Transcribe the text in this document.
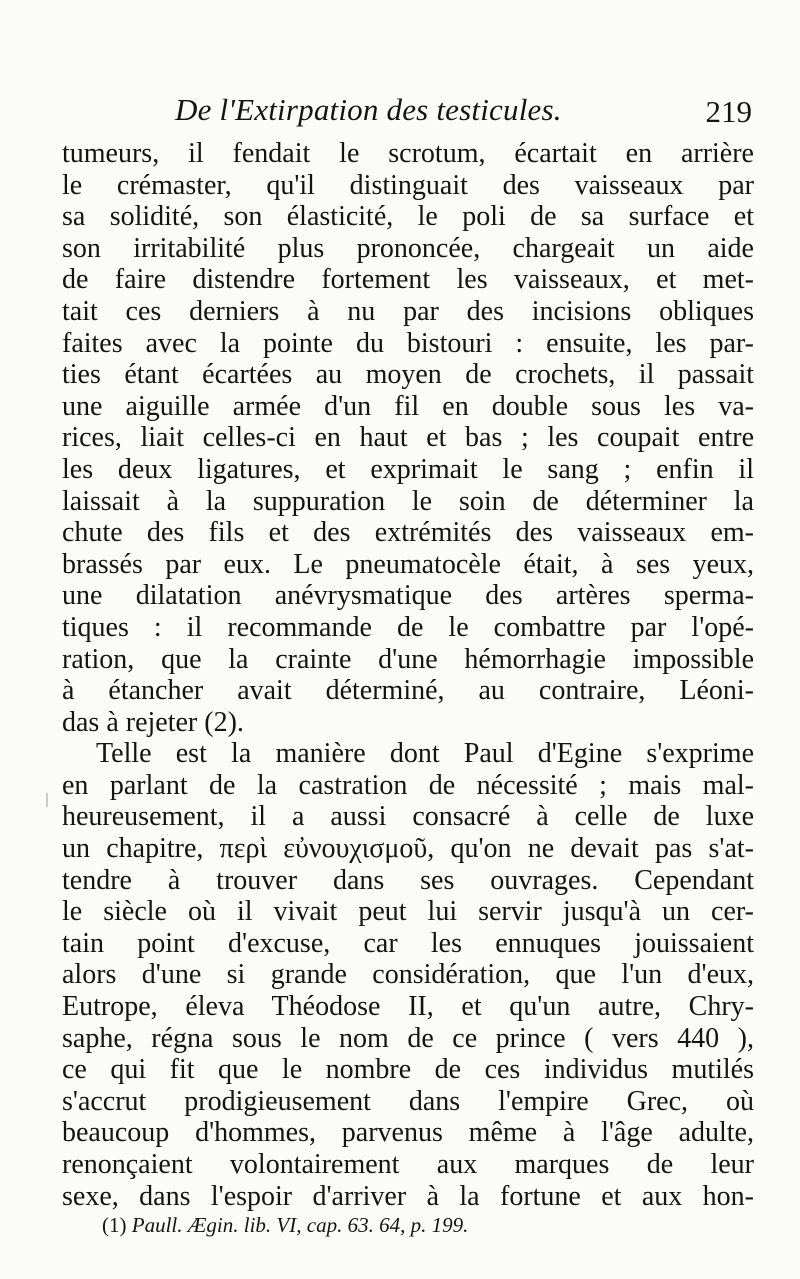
De l'Extirpation des testicules.	219
tumeurs, il fendait le scrotum, écartait en arrière
le crémaster, qu'il distinguait des vaisseaux par
sa solidité, son élasticité, le poli de sa surface et
son irritabilité plus prononcée, chargeait un aide
de faire distendre fortement les vaisseaux, et met-
tait ces derniers à nu par des incisions obliques
faites avec la pointe du bistouri : ensuite, les par-
ties étant écartées au moyen de crochets, il passait
une aiguille armée d'un fil en double sous les va-
rices, liait celles-ci en haut et bas ; les coupait entre
les deux ligatures, et exprimait le sang ; enfin il
laissait à la suppuration le soin de déterminer la
chute des fils et des extrémités des vaisseaux em-
brassés par eux. Le pneumatocèle était, à ses yeux,
une dilatation anévrysmatique des artères sperma-
tiques : il recommande de le combattre par l'opé-
ration, que la crainte d'une hémorrhagie impossible
à étancher avait déterminé, au contraire, Léoni-
das à rejeter (2).
Telle est la manière dont Paul d'Egine s'exprime
en parlant de la castration de nécessité ; mais mal-
heureusement, il a aussi consacré à celle de luxe
un chapitre, περὶ εὐνουχισμοῦ, qu'on ne devait pas s'at-
tendre à trouver dans ses ouvrages. Cependant
le siècle où il vivait peut lui servir jusqu'à un cer-
tain point d'excuse, car les ennuques jouissaient
alors d'une si grande considération, que l'un d'eux,
Eutrope, éleva Théodose II, et qu'un autre, Chry-
saphe, régna sous le nom de ce prince ( vers 440 ),
ce qui fit que le nombre de ces individus mutilés
s'accrut prodigieusement dans l'empire Grec, où
beaucoup d'hommes, parvenus même à l'âge adulte,
renonçaient volontairement aux marques de leur
sexe, dans l'espoir d'arriver à la fortune et aux hon-
(1) Paull. Ægin. lib. VI, cap. 63. 64, p. 199.
